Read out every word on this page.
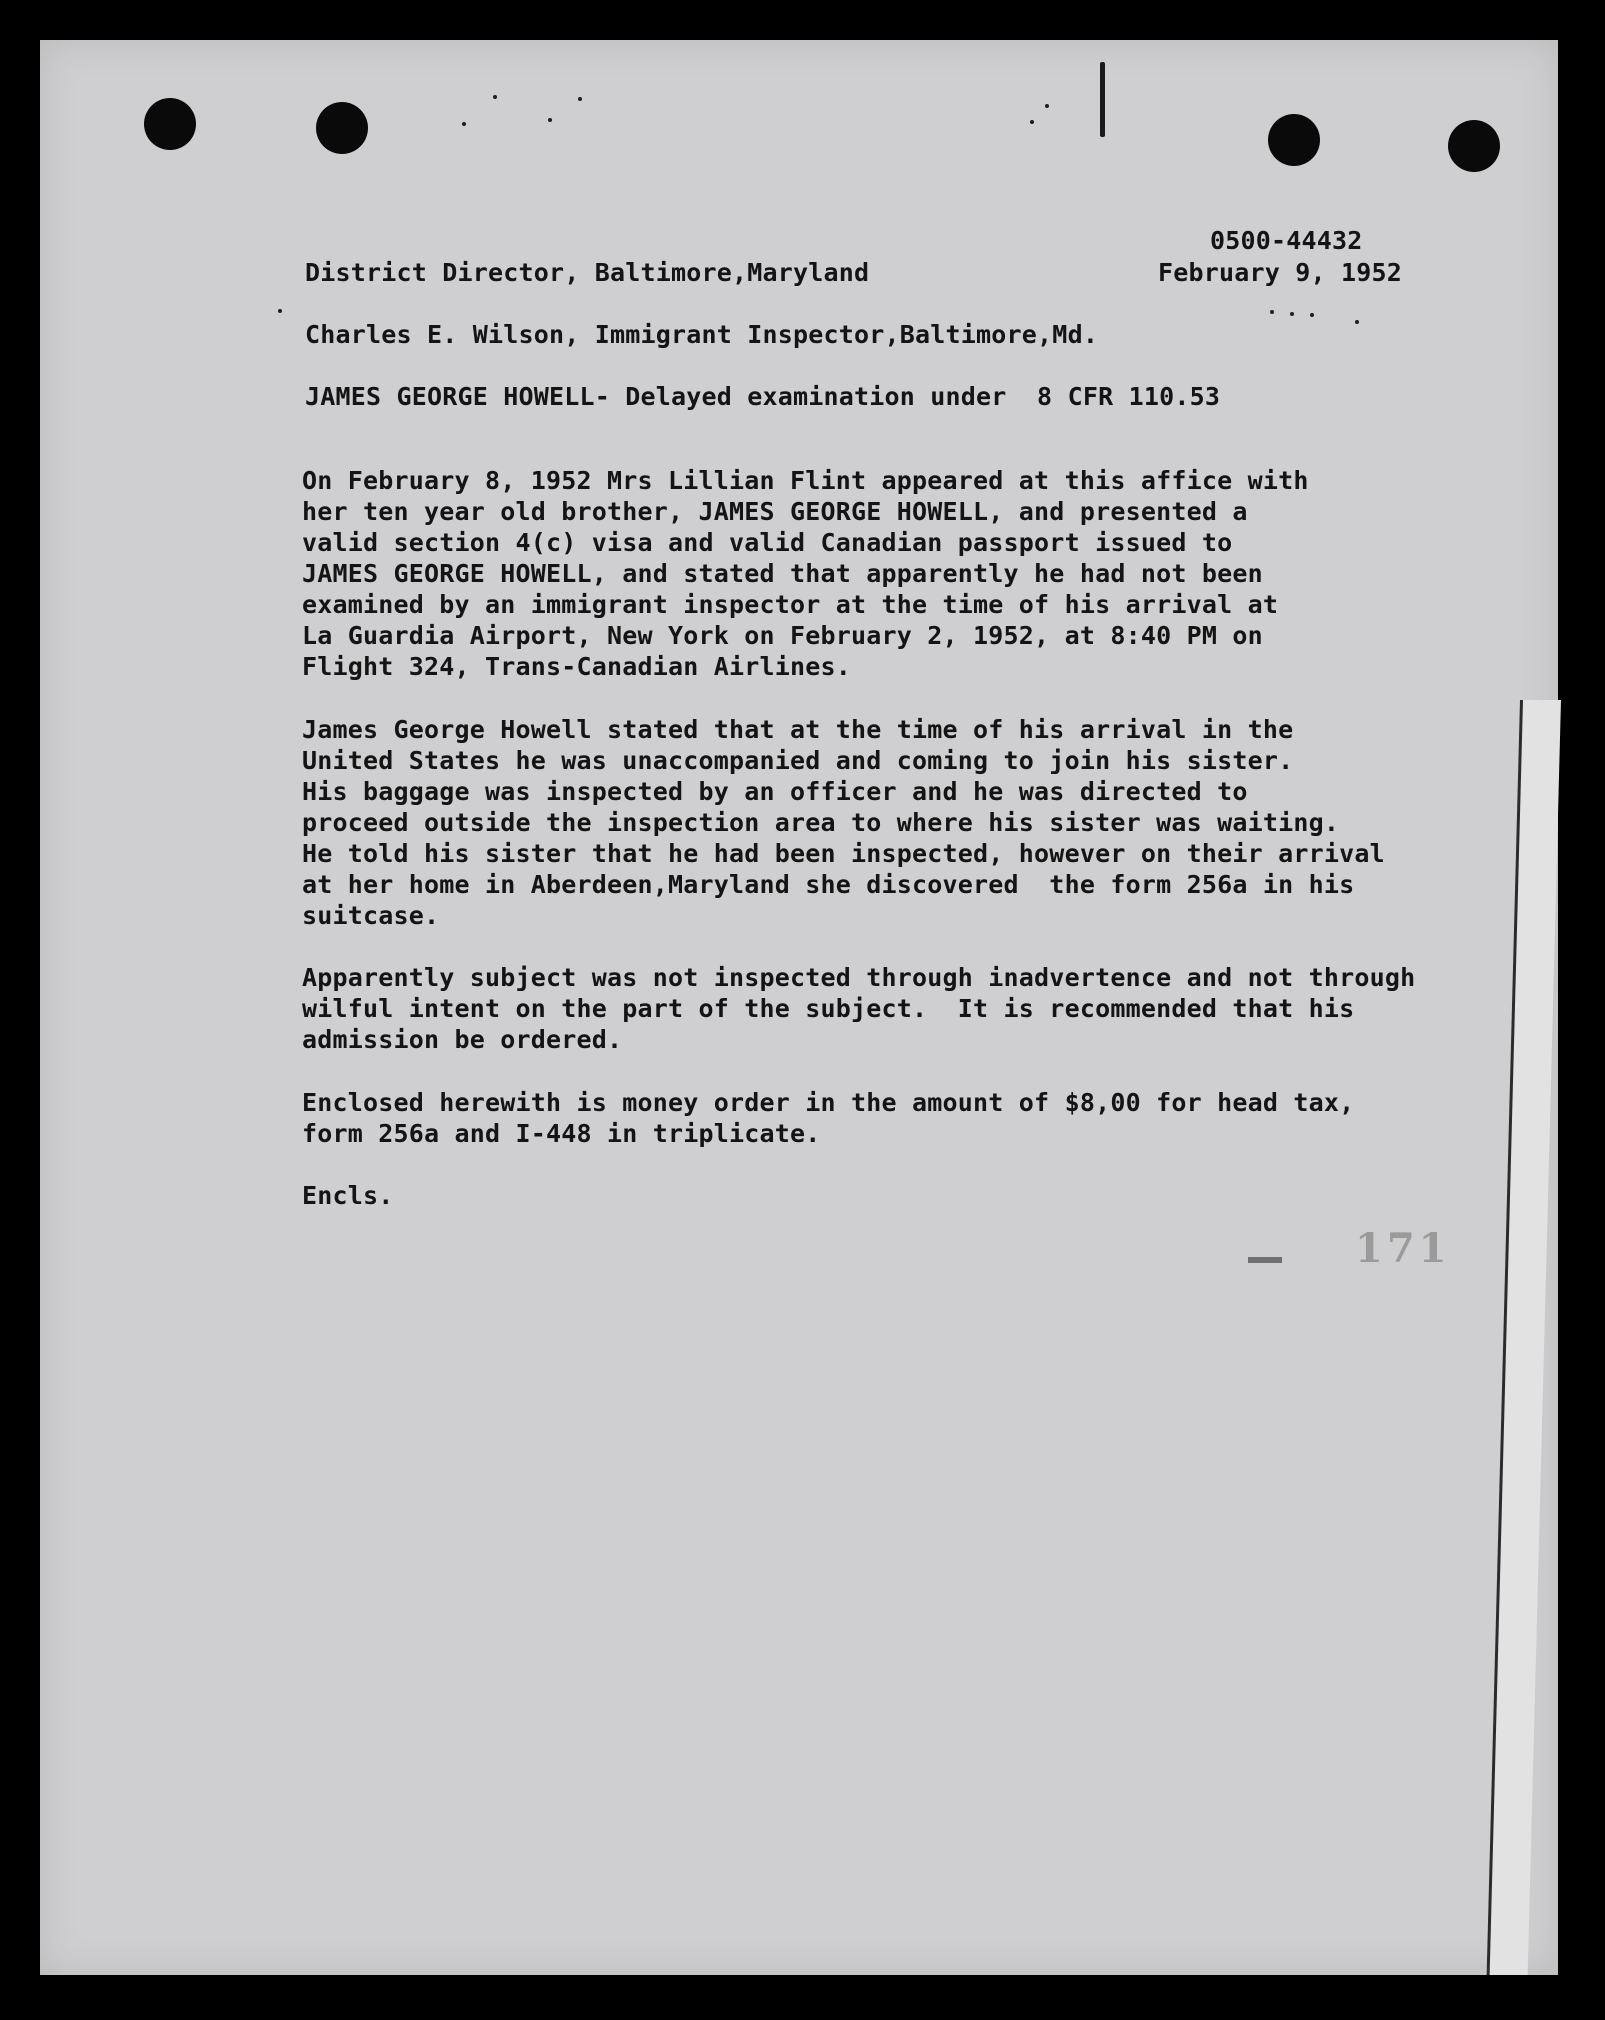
0500-44432

District Director, Baltimore,Maryland	February 9, 1952

Charles E. Wilson, Immigrant Inspector,Baltimore,Md.

JAMES GEORGE HOWELL- Delayed examination under  8 CFR 110.53

On February 8, 1952 Mrs Lillian Flint appeared at this affice with

her ten year old brother, JAMES GEORGE HOWELL, and presented a

valid section 4(c) visa and valid Canadian passport issued to

JAMES GEORGE HOWELL, and stated that apparently he had not been

examined by an immigrant inspector at the time of his arrival at

La Guardia Airport, New York on February 2, 1952, at 8:40 PM on

Flight 324, Trans-Canadian Airlines.

James George Howell stated that at the time of his arrival in the

United States he was unaccompanied and coming to join his sister.

His baggage was inspected by an officer and he was directed to

proceed outside the inspection area to where his sister was waiting.

He told his sister that he had been inspected, however on their arrival

at her home in Aberdeen,Maryland she discovered  the form 256a in his

suitcase.

Apparently subject was not inspected through inadvertence and not through

wilful intent on the part of the subject.  It is recommended that his

admission be ordered.

Enclosed herewith is money order in the amount of $8,00 for head tax,

form 256a and I-448 in triplicate.

Encls.

171
